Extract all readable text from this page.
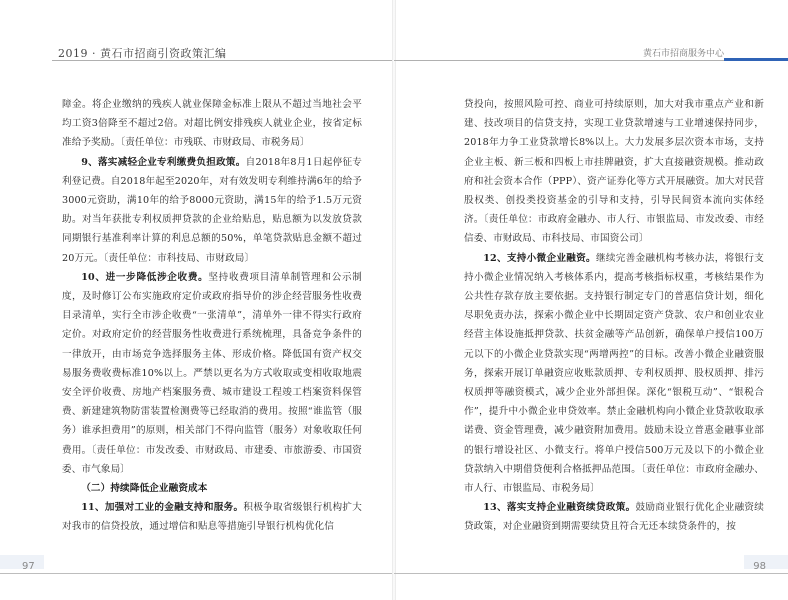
2019 · 黄石市招商引资政策汇编

障金。将企业缴纳的残疾人就业保障金标准上限从不超过当地社会平均工资3倍降至不超过2倍。对超比例安排残疾人就业企业，按省定标准给予奖励。〔责任单位：市残联、市财政局、市税务局〕

9、落实减轻企业专利缴费负担政策。自2018年8月1日起停征专利登记费。自2018年起至2020年，对有效发明专利维持满6年的给予3000元资助，满10年的给予8000元资助，满15年的给予1.5万元资助。对当年获批专利权质押贷款的企业给贴息，贴息额为以发放贷款同期银行基准利率计算的利息总额的50%，单笔贷款贴息金额不超过20万元。〔责任单位：市科技局、市财政局〕

10、进一步降低涉企收费。坚持收费项目清单制管理和公示制度，及时修订公布实施政府定价或政府指导价的涉企经营服务性收费目录清单，实行全市涉企收费“一张清单”，清单外一律不得实行政府定价。对政府定价的经营服务性收费进行系统梳理，具备竞争条件的一律放开，由市场竞争选择服务主体、形成价格。降低国有资产权交易服务费收费标准10%以上。严禁以更名为方式收取或变相收取地震安全评价收费、房地产档案服务费、城市建设工程竣工档案资料保管费、新建建筑物防雷装置检测费等已经取消的费用。按照“谁监管（服务）谁承担费用”的原则，相关部门不得向监管（服务）对象收取任何费用。〔责任单位：市发改委、市财政局、市建委、市旅游委、市国资委、市气象局〕

（二）持续降低企业融资成本

11、加强对工业的金融支持和服务。积极争取省级银行机构扩大对我市的信贷投放，通过增信和贴息等措施引导银行机构优化信

97
黄石市招商服务中心

贷投向，按照风险可控、商业可持续原则，加大对我市重点产业和新建、技改项目的信贷支持，实现工业贷款增速与工业增速保持同步，2018年力争工业贷款增长8%以上。大力发展多层次资本市场，支持企业主板、新三板和四板上市挂牌融资，扩大直接融资规模。推动政府和社会资本合作（PPP）、资产证券化等方式开展融资。加大对民营股权类、创投类投资基金的引导和支持，引导民间资本流向实体经济。〔责任单位：市政府金融办、市人行、市银监局、市发改委、市经信委、市财政局、市科技局、市国资公司〕

12、支持小微企业融资。继续完善金融机构考核办法，将银行支持小微企业情况纳入考核体系内，提高考核指标权重，考核结果作为公共性存款存放主要依据。支持银行制定专门的普惠信贷计划，细化尽职免责办法，探索小微企业中长期固定资产贷款、农户和创业农业经营主体设施抵押贷款、扶贫金融等产品创新，确保单户授信100万元以下的小微企业贷款实现“两增两控”的目标。改善小微企业融资服务，探索开展订单融资应收账款质押、专利权质押、股权质押、排污权质押等融资模式，减少企业外部担保。深化“银税互动”、“银税合作”，提升中小微企业申贷效率。禁止金融机构向小微企业贷款收取承诺费、资金管理费，减少融资附加费用。鼓励未设立普惠金融事业部的银行增设社区、小微支行。将单户授信500万元及以下的小微企业贷款纳入中期借贷便利合格抵押品范围。〔责任单位：市政府金融办、市人行、市银监局、市税务局〕

13、落实支持企业融资续贷政策。鼓励商业银行优化企业融资续贷政策，对企业融资到期需要续贷且符合无还本续贷条件的，按

98
